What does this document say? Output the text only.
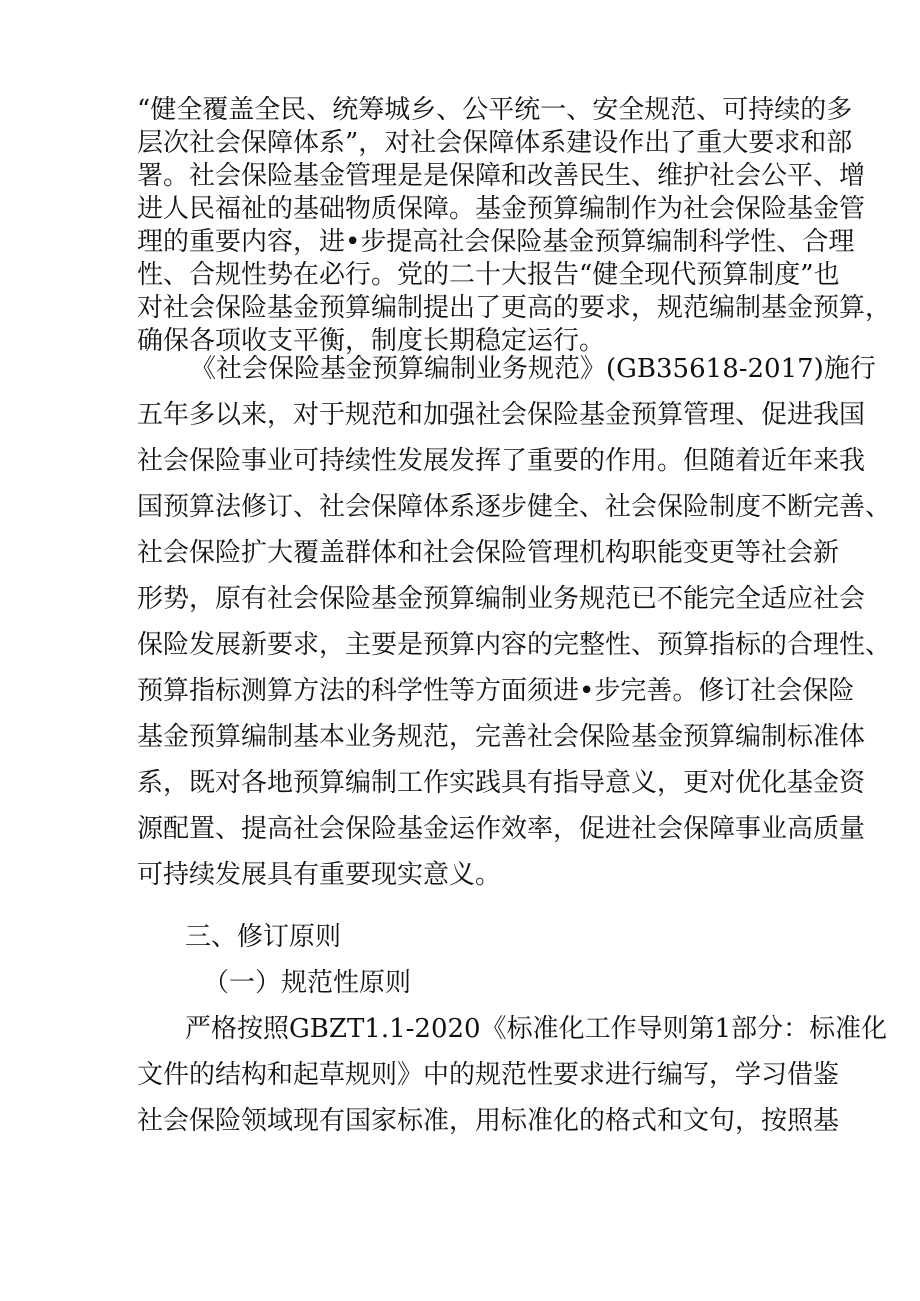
“健全覆盖全民、统筹城乡、公平统一、安全规范、可持续的多

层次社会保障体系”，对社会保障体系建设作出了重大要求和部

署。社会保险基金管理是是保障和改善民生、维护社会公平、增

进人民福祉的基础物质保障。基金预算编制作为社会保险基金管

理的重要内容，进•步提高社会保险基金预算编制科学性、合理

性、合规性势在必行。党的二十大报告“健全现代预算制度”也

对社会保险基金预算编制提出了更高的要求，规范编制基金预算，

确保各项收支平衡，制度长期稳定运行。

《社会保险基金预算编制业务规范》(GB35618-2017)施行

五年多以来，对于规范和加强社会保险基金预算管理、促进我国

社会保险事业可持续性发展发挥了重要的作用。但随着近年来我

国预算法修订、社会保障体系逐步健全、社会保险制度不断完善、

社会保险扩大覆盖群体和社会保险管理机构职能变更等社会新

形势，原有社会保险基金预算编制业务规范已不能完全适应社会

保险发展新要求，主要是预算内容的完整性、预算指标的合理性、

预算指标测算方法的科学性等方面须进•步完善。修订社会保险

基金预算编制基本业务规范，完善社会保险基金预算编制标准体

系，既对各地预算编制工作实践具有指导意义，更对优化基金资

源配置、提高社会保险基金运作效率，促进社会保障事业高质量

可持续发展具有重要现实意义。

三、修订原则

（一）规范性原则

严格按照GBZT1.1-2020《标准化工作导则第1部分：标准化

文件的结构和起草规则》中的规范性要求进行编写，学习借鉴

社会保险领域现有国家标准，用标准化的格式和文句，按照基
